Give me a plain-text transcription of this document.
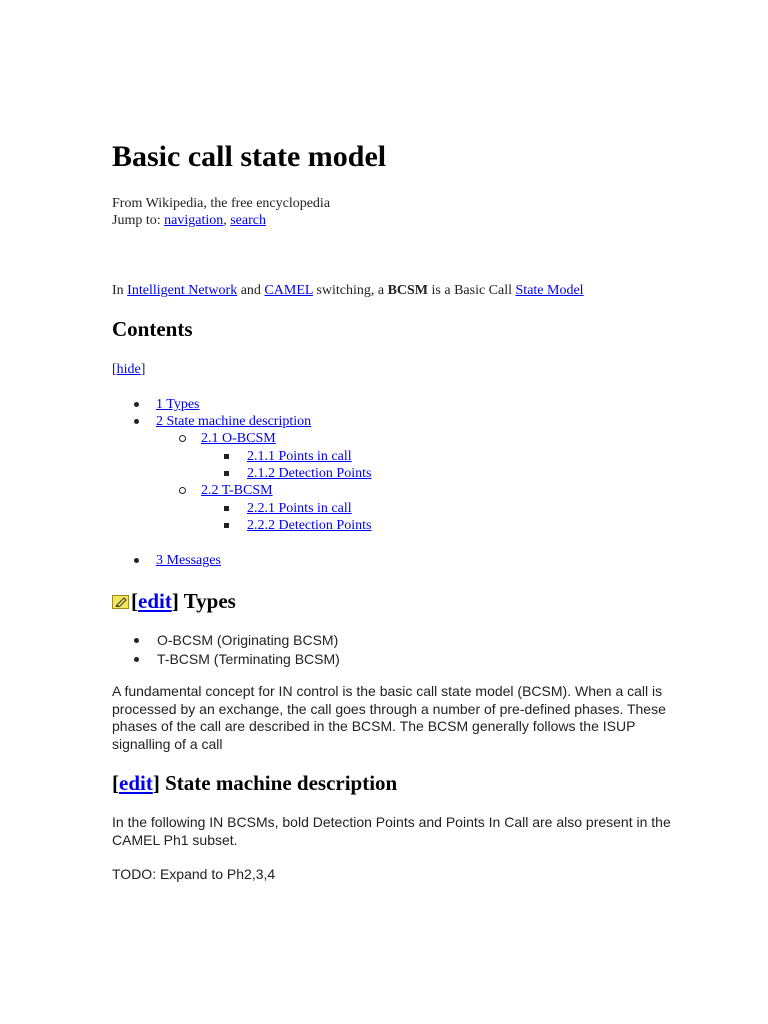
Basic call state model
From Wikipedia, the free encyclopedia
Jump to: navigation, search
In Intelligent Network and CAMEL switching, a BCSM is a Basic Call State Model
Contents
[hide]
1 Types
2 State machine description
2.1 O-BCSM
2.1.1 Points in call
2.1.2 Detection Points
2.2 T-BCSM
2.2.1 Points in call
2.2.2 Detection Points
3 Messages
[edit] Types
O-BCSM (Originating BCSM)
T-BCSM (Terminating BCSM)
A fundamental concept for IN control is the basic call state model (BCSM). When a call is processed by an exchange, the call goes through a number of pre-defined phases. These phases of the call are described in the BCSM. The BCSM generally follows the ISUP signalling of a call
[edit] State machine description
In the following IN BCSMs, bold Detection Points and Points In Call are also present in the CAMEL Ph1 subset.
TODO: Expand to Ph2,3,4
